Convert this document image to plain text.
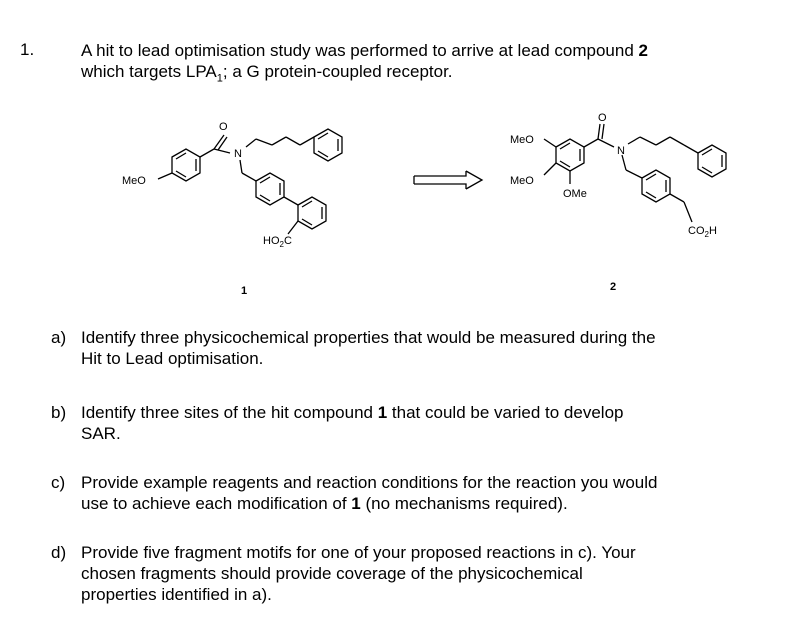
1.	A hit to lead optimisation study was performed to arrive at lead compound 2
which targets $LPA_1$; a G protein-coupled receptor.
MeO
N
O
$HO_2C$
1
MeO
MeO
OMe
N
O
$CO_2H$
2
a) Identify three physicochemical properties that would be measured during the
Hit to Lead optimisation.
b) Identify three sites of the hit compound 1 that could be varied to develop
SAR.
c) Provide example reagents and reaction conditions for the reaction you would
use to achieve each modification of 1 (no mechanisms required).
d) Provide five fragment motifs for one of your proposed reactions in c). Your
chosen fragments should provide coverage of the physicochemical
properties identified in a).
